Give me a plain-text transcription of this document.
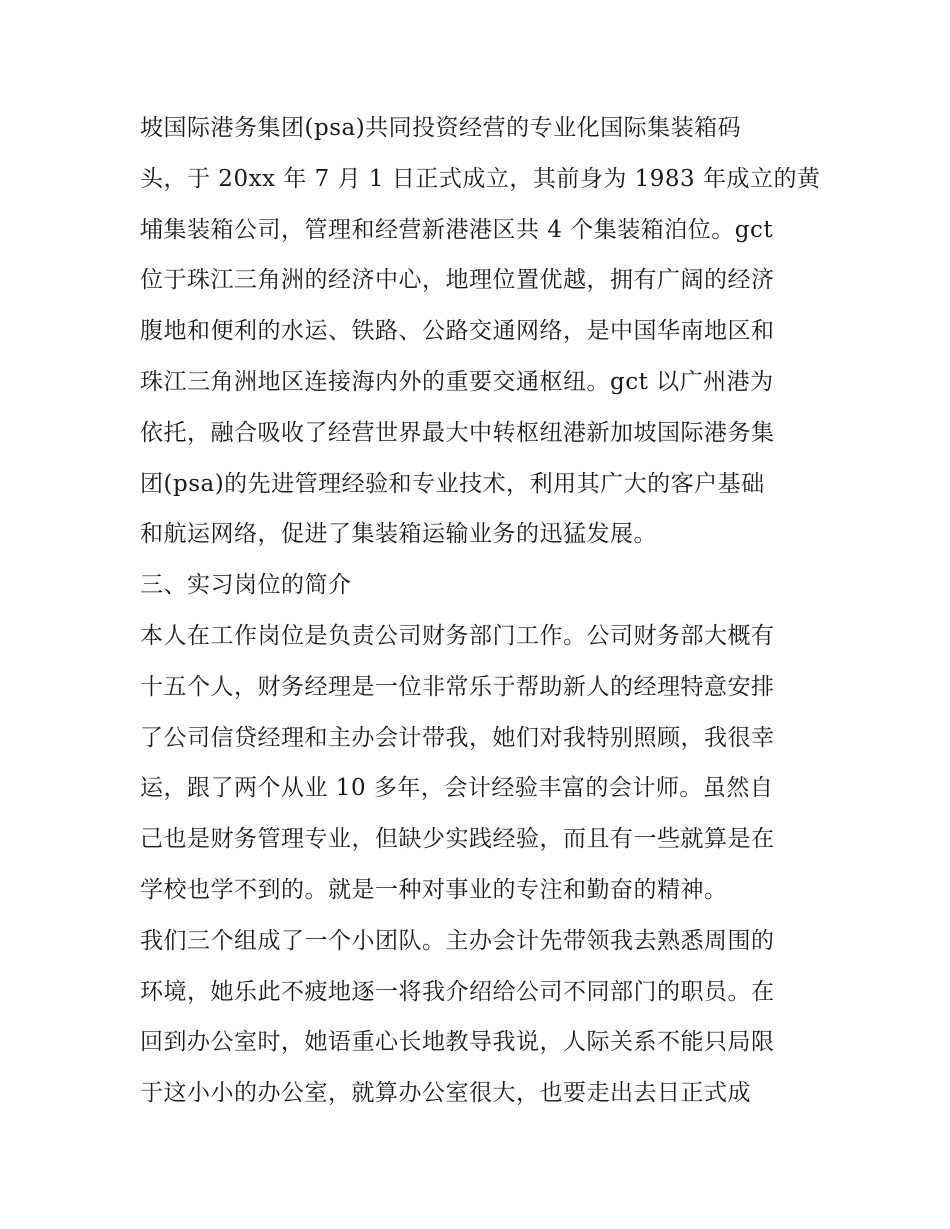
坡国际港务集团(psa)共同投资经营的专业化国际集装箱码
头，于 20xx 年 7 月 1 日正式成立，其前身为 1983 年成立的黄
埔集装箱公司，管理和经营新港港区共 4 个集装箱泊位。gct
位于珠江三角洲的经济中心，地理位置优越，拥有广阔的经济
腹地和便利的水运、铁路、公路交通网络，是中国华南地区和
珠江三角洲地区连接海内外的重要交通枢纽。gct 以广州港为
依托，融合吸收了经营世界最大中转枢纽港新加坡国际港务集
团(psa)的先进管理经验和专业技术，利用其广大的客户基础
和航运网络，促进了集装箱运输业务的迅猛发展。
三、实习岗位的简介
本人在工作岗位是负责公司财务部门工作。公司财务部大概有
十五个人，财务经理是一位非常乐于帮助新人的经理特意安排
了公司信贷经理和主办会计带我，她们对我特别照顾，我很幸
运，跟了两个从业 10 多年，会计经验丰富的会计师。虽然自
己也是财务管理专业，但缺少实践经验，而且有一些就算是在
学校也学不到的。就是一种对事业的专注和勤奋的精神。
我们三个组成了一个小团队。主办会计先带领我去熟悉周围的
环境，她乐此不疲地逐一将我介绍给公司不同部门的职员。在
回到办公室时，她语重心长地教导我说，人际关系不能只局限
于这小小的办公室，就算办公室很大，也要走出去日正式成
